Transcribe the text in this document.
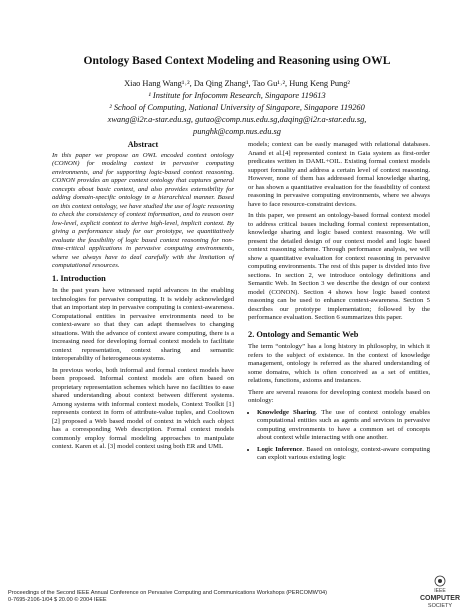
Ontology Based Context Modeling and Reasoning using OWL
Xiao Hang Wang¹˒², Da Qing Zhang¹, Tao Gu¹˒², Hung Keng Pung²
¹ Institute for Infocomm Research, Singapore 119613
² School of Computing, National University of Singapore, Singapore 119260
xwang@i2r.a-star.edu.sg, gutao@comp.nus.edu.sg,daqing@i2r.a-star.edu.sg,
punghk@comp.nus.edu.sg
Abstract

In this paper we propose an OWL encoded context ontology (CONON) for modeling context in pervasive computing environments, and for supporting logic-based context reasoning. CONON provides an upper context ontology that captures general concepts about basic context, and also provides extensibility for adding domain-specific ontology in a hierarchical manner. Based on this context ontology, we have studied the use of logic reasoning to check the consistency of context information, and to reason over low-level, explicit context to derive high-level, implicit context. By giving a performance study for our prototype, we quantitatively evaluate the feasibility of logic based context reasoning for non-time-critical applications in pervasive computing environments, where we always have to deal carefully with the limitation of computational resources.

1. Introduction

In the past years have witnessed rapid advances in the enabling technologies for pervasive computing. It is widely acknowledged that an important step in pervasive computing is context-awareness. Computational entities in pervasive environments need to be context-aware so that they can adapt themselves to changing situations. With the advance of context aware computing, there is a increasing need for developing formal context models to facilitate context representation, context sharing and semantic interoperability of heterogeneous systems.

In previous works, both informal and formal context models have been proposed. Informal context models are often based on proprietary representation schemes which have no facilities to ease shared understanding about context between different systems. Among systems with informal context models, Context Toolkit [1] represents context in form of attribute-value tuples, and Cooltown [2] proposed a Web based model of context in which each object has a corresponding Web description. Formal context models commonly employ formal modeling approaches to manipulate context. Karen et al. [3] model context using both ER and UML

models; context can be easily managed with relational databases. Anand et al.[4] represented context in Gaia system as first-order predicates written in DAML+OIL. Existing formal context models support formality and address a certain level of context reasoning. However, none of them has addressed formal knowledge sharing, or has shown a quantitative evaluation for the feasibility of context reasoning in pervasive computing environments, where we always have to face resource-constraint devices.

In this paper, we present an ontology-based formal context model to address critical issues including formal context representation, knowledge sharing and logic based context reasoning. We will present the detailed design of our context model and logic based context reasoning scheme. Through performance analysis, we will show a quantitative evaluation for context reasoning in pervasive computing environments. The rest of this paper is divided into five sections. In section 2, we introduce ontology definitions and Semantic Web. In Section 3 we describe the design of our context model (CONON). Section 4 shows how logic based context reasoning can be used to enhance context-awareness. Section 5 describes our prototype implementation; followed by the performance evaluation. Section 6 summarizes this paper.

2. Ontology and Semantic Web

The term “ontology” has a long history in philosophy, in which it refers to the subject of existence. In the context of knowledge management, ontology is referred as the shared understanding of some domains, which is often conceived as a set of entities, relations, functions, axioms and instances.

There are several reasons for developing context models based on ontology:

• Knowledge Sharing. The use of context ontology enables computational entities such as agents and services in pervasive computing environments to have a common set of concepts about context while interacting with one another.
• Logic Inference. Based on ontology, context-aware computing can exploit various existing logic
Proceedings of the Second IEEE Annual Conference on Pervasive Computing and Communications Workshops (PERCOMW'04)
0-7695-2106-1/04 $ 20.00 © 2004 IEEE
IEEE
COMPUTER
SOCIETY
